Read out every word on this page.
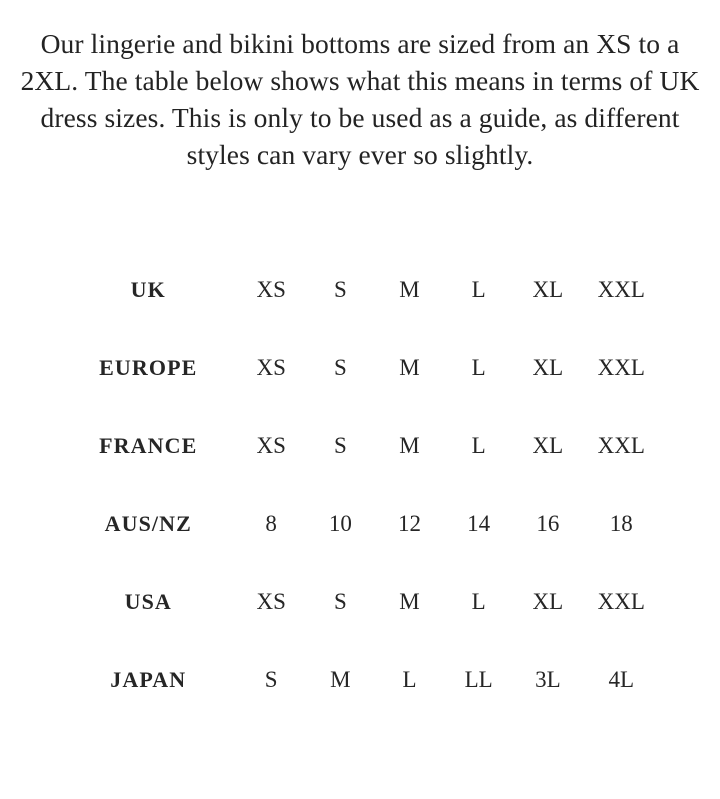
Our lingerie and bikini bottoms are sized from an XS to a 2XL. The table below shows what this means in terms of UK dress sizes. This is only to be used as a guide, as different styles can vary ever so slightly.

UK	XS	S	M	L	XL	XXL
EUROPE	XS	S	M	L	XL	XXL
FRANCE	XS	S	M	L	XL	XXL
AUS/NZ	8	10	12	14	16	18
USA	XS	S	M	L	XL	XXL
JAPAN	S	M	L	LL	3L	4L
